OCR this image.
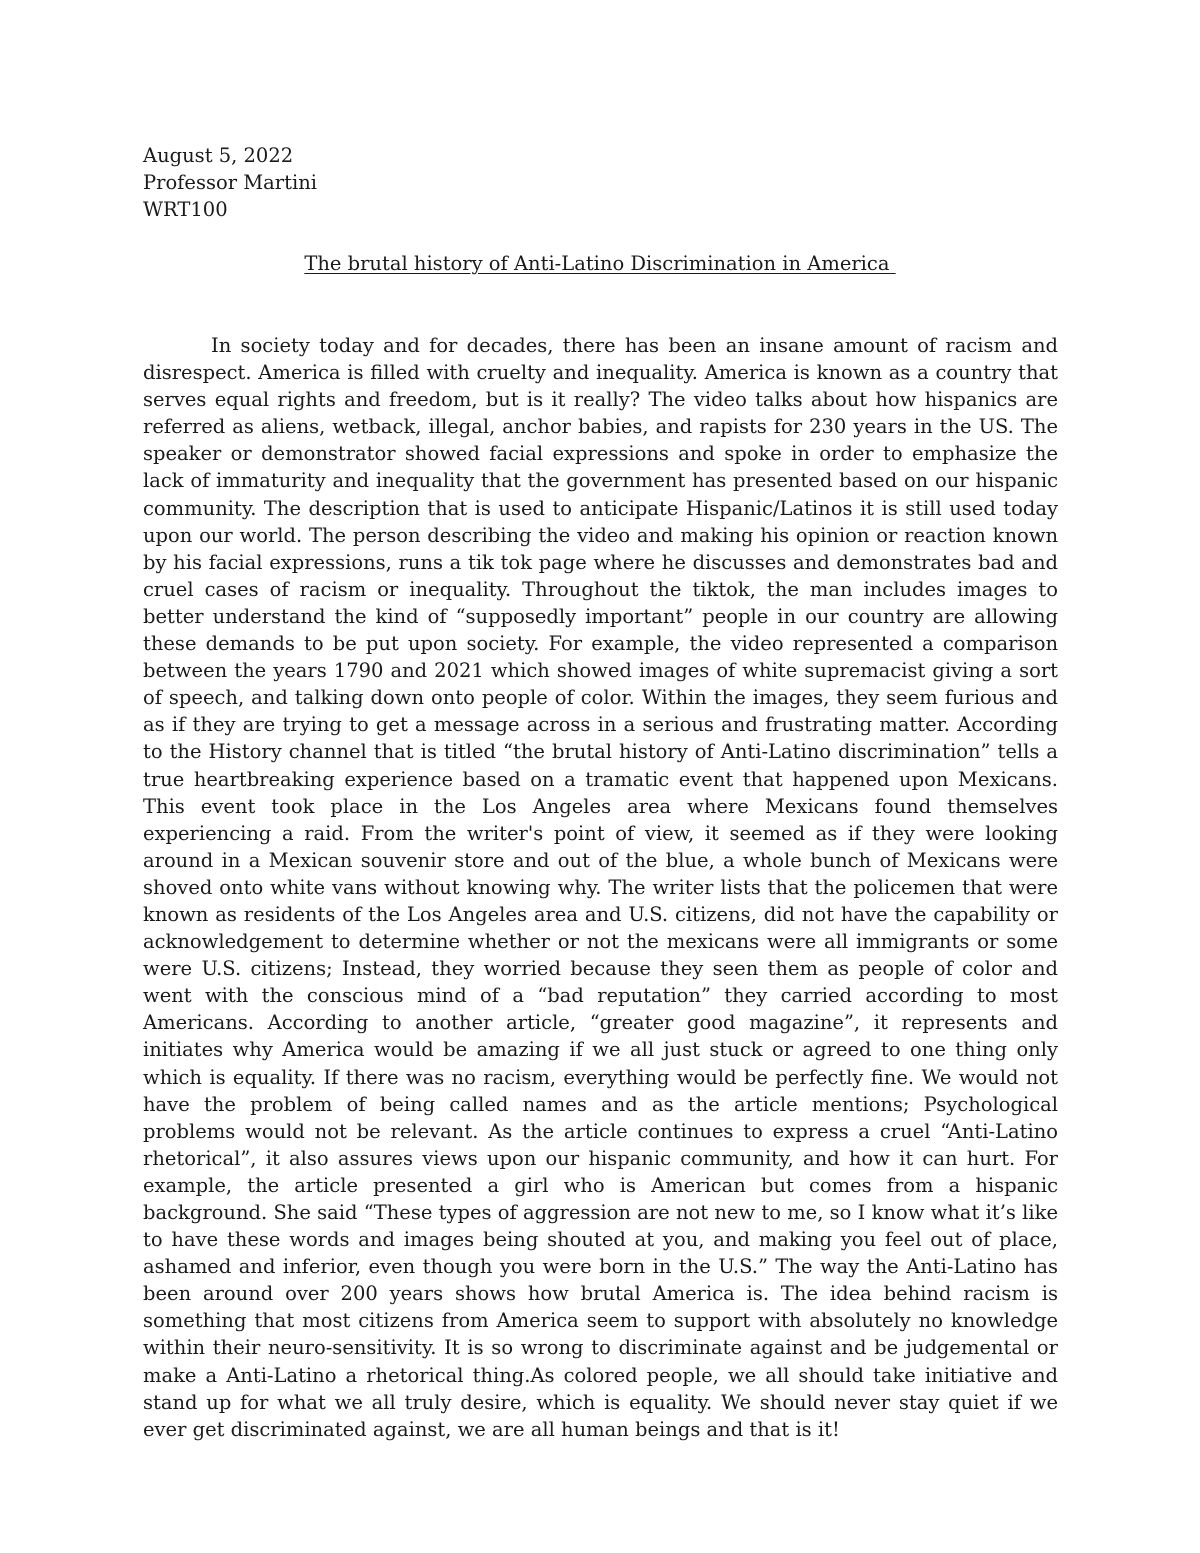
August 5, 2022
Professor Martini
WRT100
The brutal history of Anti-Latino Discrimination in America

In society today and for decades, there has been an insane amount of racism and disrespect. America is filled with cruelty and inequality. America is known as a country that serves equal rights and freedom, but is it really? The video talks about how hispanics are referred as aliens, wetback, illegal, anchor babies, and rapists for 230 years in the US. The speaker or demonstrator showed facial expressions and spoke in order to emphasize the lack of immaturity and inequality that the government has presented based on our hispanic community. The description that is used to anticipate Hispanic/Latinos it is still used today upon our world. The person describing the video and making his opinion or reaction known by his facial expressions, runs a tik tok page where he discusses and demonstrates bad and cruel cases of racism or inequality. Throughout the tiktok, the man includes images to better understand the kind of “supposedly important” people in our country are allowing these demands to be put upon society. For example, the video represented a comparison between the years 1790 and 2021 which showed images of white supremacist giving a sort of speech, and talking down onto people of color. Within the images, they seem furious and as if they are trying to get a message across in a serious and frustrating matter. According to the History channel that is titled “the brutal history of Anti-Latino discrimination” tells a true heartbreaking experience based on a tramatic event that happened upon Mexicans. This event took place in the Los Angeles area where Mexicans found themselves experiencing a raid. From the writer's point of view, it seemed as if they were looking around in a Mexican souvenir store and out of the blue, a whole bunch of Mexicans were shoved onto white vans without knowing why. The writer lists that the policemen that were known as residents of the Los Angeles area and U.S. citizens, did not have the capability or acknowledgement to determine whether or not the mexicans were all immigrants or some were U.S. citizens; Instead, they worried because they seen them as people of color and went with the conscious mind of a “bad reputation” they carried according to most Americans. According to another article, “greater good magazine”, it represents and initiates why America would be amazing if we all just stuck or agreed to one thing only which is equality. If there was no racism, everything would be perfectly fine. We would not have the problem of being called names and as the article mentions; Psychological problems would not be relevant. As the article continues to express a cruel “Anti-Latino rhetorical”, it also assures views upon our hispanic community, and how it can hurt. For example, the article presented a girl who is American but comes from a hispanic background. She said “These types of aggression are not new to me, so I know what it’s like to have these words and images being shouted at you, and making you feel out of place, ashamed and inferior, even though you were born in the U.S.” The way the Anti-Latino has been around over 200 years shows how brutal America is. The idea behind racism is something that most citizens from America seem to support with absolutely no knowledge within their neuro-sensitivity. It is so wrong to discriminate against and be judgemental or make a Anti-Latino a rhetorical thing.As colored people, we all should take initiative and stand up for what we all truly desire, which is equality. We should never stay quiet if we ever get discriminated against, we are all human beings and that is it!
